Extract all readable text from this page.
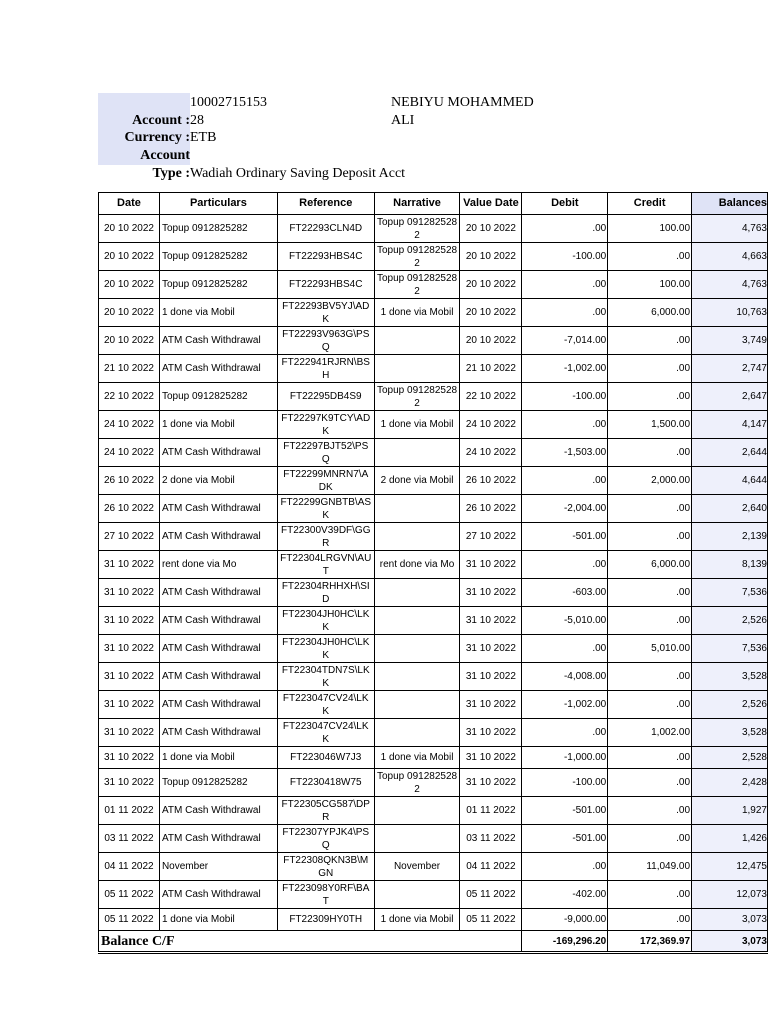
10002715153
Account : 28
NEBIYU MOHAMMED
ALI
Currency : ETB
Account
Type : Wadiah Ordinary Saving Deposit Acct
Date	Particulars	Reference	Narrative	Value Date	Debit	Credit	Balances
20 10 2022	Topup 0912825282	FT22293CLN4D	Topup 0912825282	20 10 2022	.00	100.00	4,763
20 10 2022	Topup 0912825282	FT22293HBS4C	Topup 0912825282	20 10 2022	-100.00	.00	4,663
20 10 2022	Topup 0912825282	FT22293HBS4C	Topup 0912825282	20 10 2022	.00	100.00	4,763
20 10 2022	1 done via Mobil	FT22293BV5YJ\ADK	1 done via Mobil	20 10 2022	.00	6,000.00	10,763
20 10 2022	ATM Cash Withdrawal	FT22293V963G\PSQ		20 10 2022	-7,014.00	.00	3,749
21 10 2022	ATM Cash Withdrawal	FT222941RJRN\BSH		21 10 2022	-1,002.00	.00	2,747
22 10 2022	Topup 0912825282	FT22295DB4S9	Topup 0912825282	22 10 2022	-100.00	.00	2,647
24 10 2022	1 done via Mobil	FT22297K9TCY\ADK	1 done via Mobil	24 10 2022	.00	1,500.00	4,147
24 10 2022	ATM Cash Withdrawal	FT22297BJT52\PSQ		24 10 2022	-1,503.00	.00	2,644
26 10 2022	2 done via Mobil	FT22299MNRN7\ADK	2 done via Mobil	26 10 2022	.00	2,000.00	4,644
26 10 2022	ATM Cash Withdrawal	FT22299GNBTB\ASK		26 10 2022	-2,004.00	.00	2,640
27 10 2022	ATM Cash Withdrawal	FT22300V39DF\GGR		27 10 2022	-501.00	.00	2,139
31 10 2022	rent done via Mo	FT22304LRGVN\AUT	rent done via Mo	31 10 2022	.00	6,000.00	8,139
31 10 2022	ATM Cash Withdrawal	FT22304RHHXH\SID		31 10 2022	-603.00	.00	7,536
31 10 2022	ATM Cash Withdrawal	FT22304JH0HC\LKK		31 10 2022	-5,010.00	.00	2,526
31 10 2022	ATM Cash Withdrawal	FT22304JH0HC\LKK		31 10 2022	.00	5,010.00	7,536
31 10 2022	ATM Cash Withdrawal	FT22304TDN7S\LKK		31 10 2022	-4,008.00	.00	3,528
31 10 2022	ATM Cash Withdrawal	FT223047CV24\LKK		31 10 2022	-1,002.00	.00	2,526
31 10 2022	ATM Cash Withdrawal	FT223047CV24\LKK		31 10 2022	.00	1,002.00	3,528
31 10 2022	1 done via Mobil	FT223046W7J3	1 done via Mobil	31 10 2022	-1,000.00	.00	2,528
31 10 2022	Topup 0912825282	FT2230418W75	Topup 0912825282	31 10 2022	-100.00	.00	2,428
01 11 2022	ATM Cash Withdrawal	FT22305CG587\DPR		01 11 2022	-501.00	.00	1,927
03 11 2022	ATM Cash Withdrawal	FT22307YPJK4\PSQ		03 11 2022	-501.00	.00	1,426
04 11 2022	November	FT22308QKN3B\MGN	November	04 11 2022	.00	11,049.00	12,475
05 11 2022	ATM Cash Withdrawal	FT223098Y0RF\BAT		05 11 2022	-402.00	.00	12,073
05 11 2022	1 done via Mobil	FT22309HY0TH	1 done via Mobil	05 11 2022	-9,000.00	.00	3,073
Balance C/F					-169,296.20	172,369.97	3,073
